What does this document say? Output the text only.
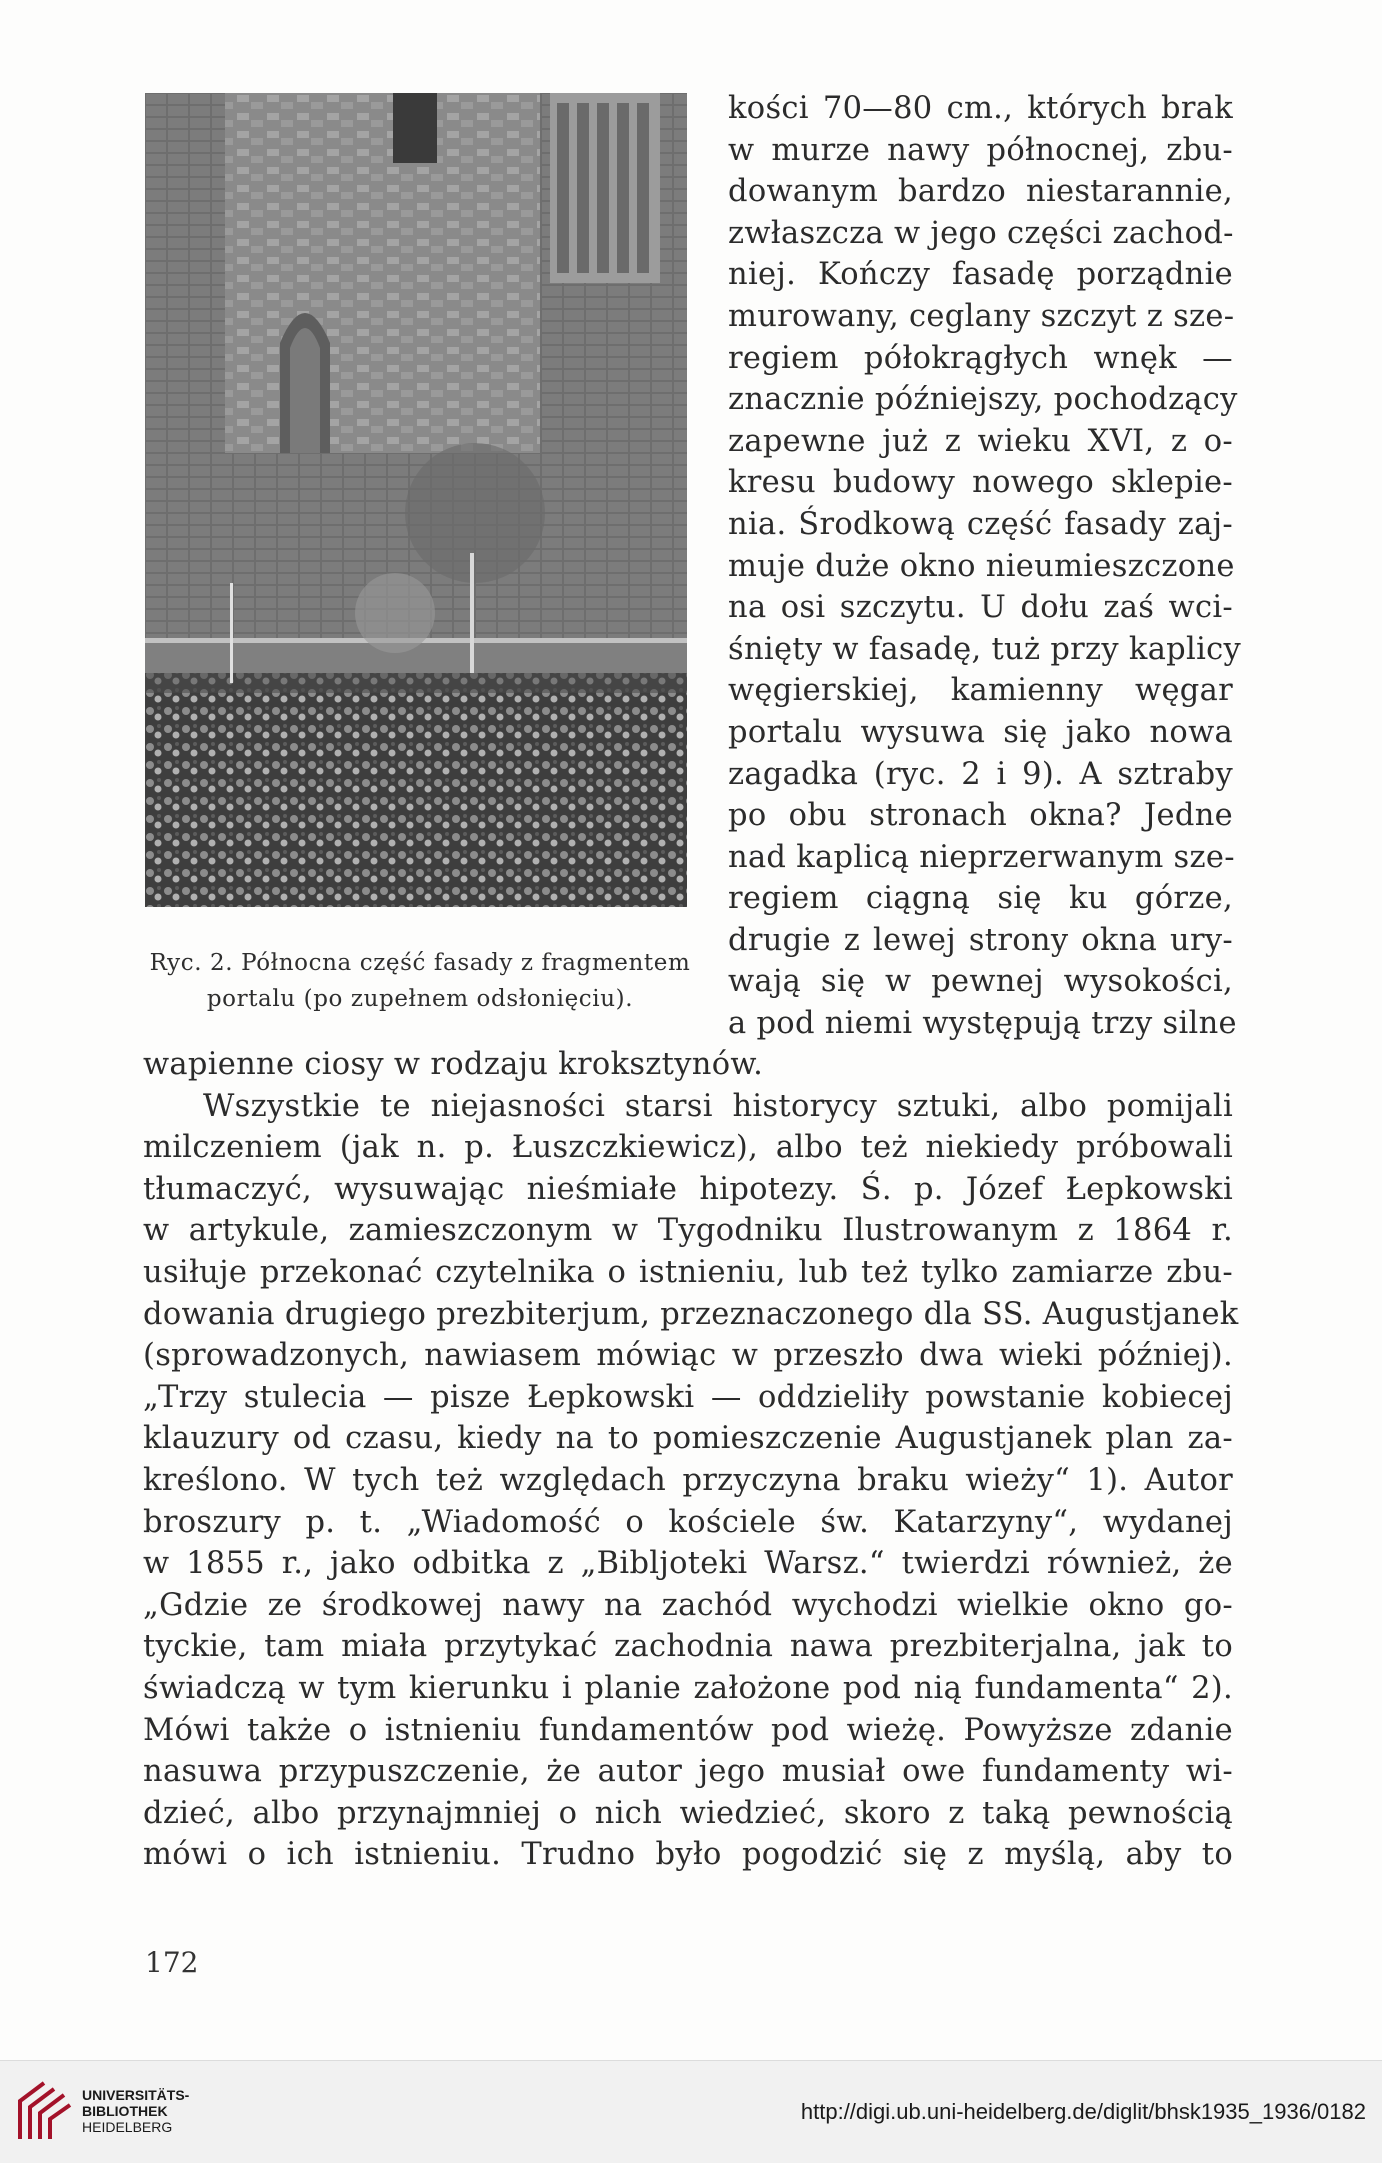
Ryc. 2. Północna część fasady z fragmentem
portalu (po zupełnem odsłonięciu).
kości 70—80 cm., których brak
w murze nawy północnej, zbu-
dowanym bardzo niestarannie,
zwłaszcza w jego części zachod-
niej. Kończy fasadę porządnie
murowany, ceglany szczyt z sze-
regiem półokrągłych wnęk —
znacznie późniejszy, pochodzący
zapewne już z wieku XVI, z o-
kresu budowy nowego sklepie-
nia. Środkową część fasady zaj-
muje duże okno nieumieszczone
na osi szczytu. U dołu zaś wci-
śnięty w fasadę, tuż przy kaplicy
węgierskiej, kamienny węgar
portalu wysuwa się jako nowa
zagadka (ryc. 2 i 9). A sztraby
po obu stronach okna? Jedne
nad kaplicą nieprzerwanym sze-
regiem ciągną się ku górze,
drugie z lewej strony okna ury-
wają się w pewnej wysokości,
a pod niemi występują trzy silne
wapienne ciosy w rodzaju kroksztynów.
Wszystkie te niejasności starsi historycy sztuki, albo pomijali
milczeniem (jak n. p. Łuszczkiewicz), albo też niekiedy próbowali
tłumaczyć, wysuwając nieśmiałe hipotezy. Ś. p. Józef Łepkowski
w artykule, zamieszczonym w Tygodniku Ilustrowanym z 1864 r.
usiłuje przekonać czytelnika o istnieniu, lub też tylko zamiarze zbu-
dowania drugiego prezbiterjum, przeznaczonego dla SS. Augustjanek
(sprowadzonych, nawiasem mówiąc w przeszło dwa wieki później).
„Trzy stulecia — pisze Łepkowski — oddzieliły powstanie kobiecej
klauzury od czasu, kiedy na to pomieszczenie Augustjanek plan za-
kreślono. W tych też względach przyczyna braku wieży“ 1). Autor
broszury p. t. „Wiadomość o kościele św. Katarzyny“, wydanej
w 1855 r., jako odbitka z „Bibljoteki Warsz.“ twierdzi również, że
„Gdzie ze środkowej nawy na zachód wychodzi wielkie okno go-
tyckie, tam miała przytykać zachodnia nawa prezbiterjalna, jak to
świadczą w tym kierunku i planie założone pod nią fundamenta“ 2).
Mówi także o istnieniu fundamentów pod wieżę. Powyższe zdanie
nasuwa przypuszczenie, że autor jego musiał owe fundamenty wi-
dzieć, albo przynajmniej o nich wiedzieć, skoro z taką pewnością
mówi o ich istnieniu. Trudno było pogodzić się z myślą, aby to
172
UNIVERSITÄTS-
BIBLIOTHEK
HEIDELBERG
http://digi.ub.uni-heidelberg.de/diglit/bhsk1935_1936/0182
